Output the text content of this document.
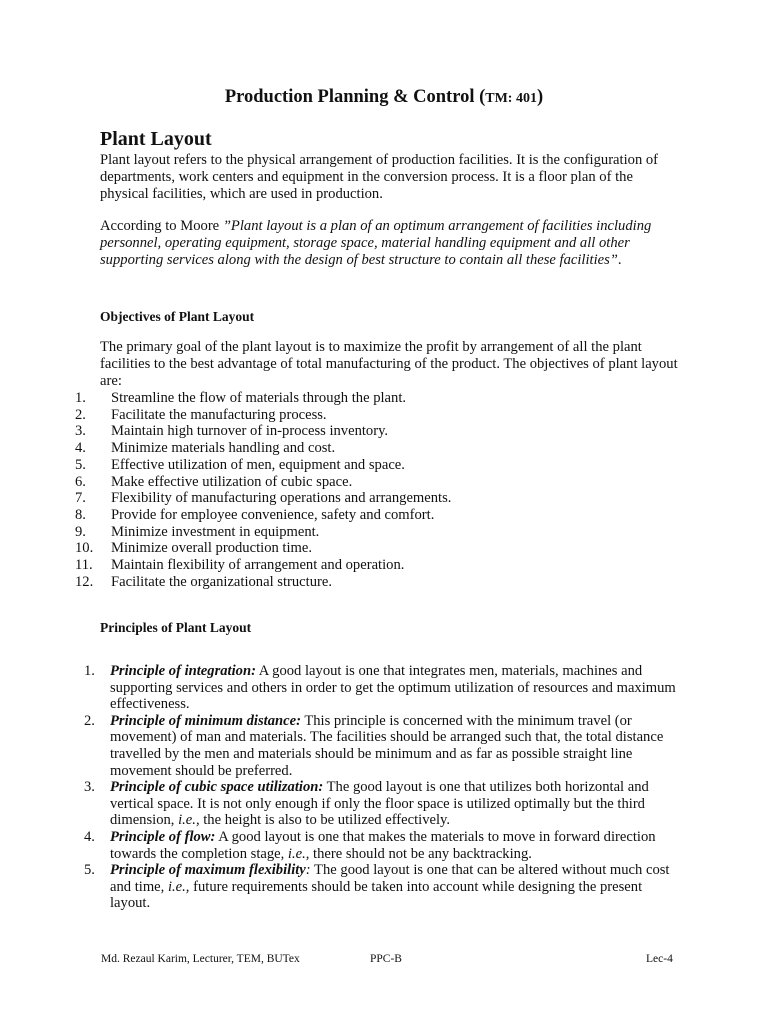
Production Planning & Control (TM: 401)
Plant Layout
Plant layout refers to the physical arrangement of production facilities. It is the configuration of departments, work centers and equipment in the conversion process. It is a floor plan of the physical facilities, which are used in production.
According to Moore ”Plant layout is a plan of an optimum arrangement of facilities including personnel, operating equipment, storage space, material handling equipment and all other supporting services along with the design of best structure to contain all these facilities”.
Objectives of Plant Layout
The primary goal of the plant layout is to maximize the profit by arrangement of all the plant facilities to the best advantage of total manufacturing of the product. The objectives of plant layout are:
1.	Streamline the flow of materials through the plant.
2.	Facilitate the manufacturing process.
3.	Maintain high turnover of in-process inventory.
4.	Minimize materials handling and cost.
5.	Effective utilization of men, equipment and space.
6.	Make effective utilization of cubic space.
7.	Flexibility of manufacturing operations and arrangements.
8.	Provide for employee convenience, safety and comfort.
9.	Minimize investment in equipment.
10.	Minimize overall production time.
11.	Maintain flexibility of arrangement and operation.
12.	Facilitate the organizational structure.
Principles of Plant Layout
1.	Principle of integration: A good layout is one that integrates men, materials, machines and supporting services and others in order to get the optimum utilization of resources and maximum effectiveness.
2.	Principle of minimum distance: This principle is concerned with the minimum travel (or movement) of man and materials. The facilities should be arranged such that, the total distance travelled by the men and materials should be minimum and as far as possible straight line movement should be preferred.
3.	Principle of cubic space utilization: The good layout is one that utilizes both horizontal and vertical space. It is not only enough if only the floor space is utilized optimally but the third dimension, i.e., the height is also to be utilized effectively.
4.	Principle of flow: A good layout is one that makes the materials to move in forward direction towards the completion stage, i.e., there should not be any backtracking.
5.	Principle of maximum flexibility: The good layout is one that can be altered without much cost and time, i.e., future requirements should be taken into account while designing the present layout.
Md. Rezaul Karim, Lecturer, TEM, BUTex	PPC-B	Lec-4
